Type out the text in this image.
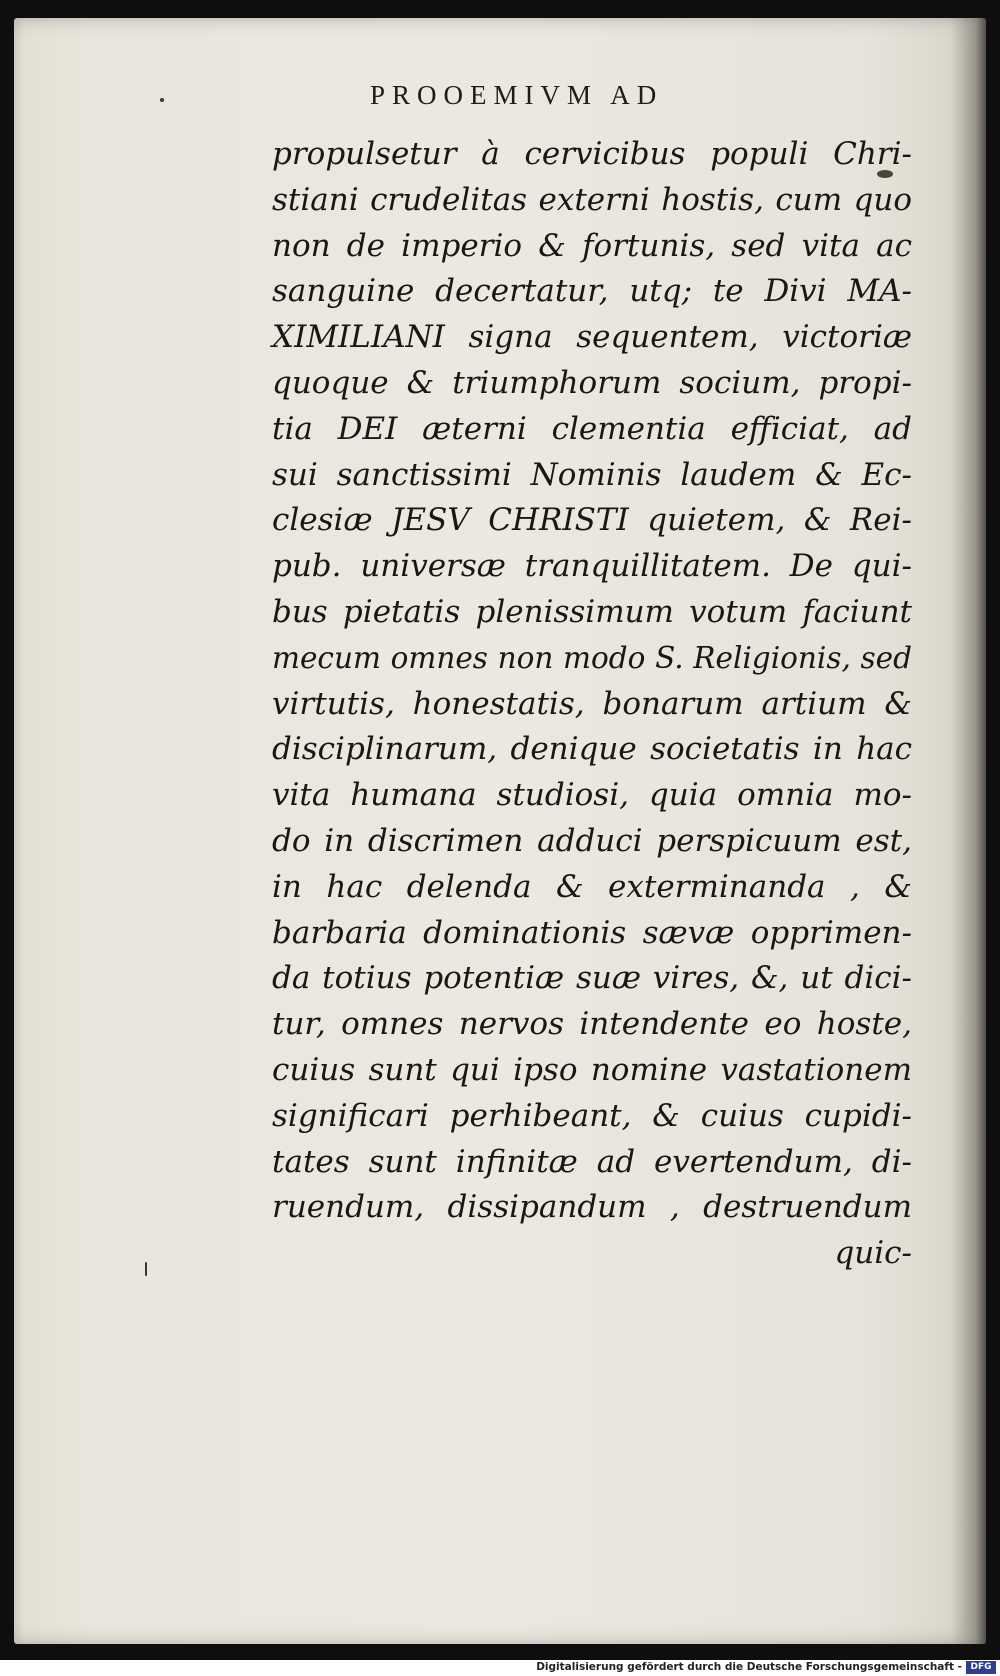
PROOEMIVM AD
propulsetur à cervicibus populi Chri-
stiani crudelitas externi hostis, cum quo
non de imperio & fortunis, sed vita ac
sanguine decertatur, utq; te Divi MA-
XIMILIANI signa sequentem, victoriæ
quoque & triumphorum socium, propi-
tia DEI æterni clementia efficiat, ad
sui sanctissimi Nominis laudem & Ec-
clesiæ JESV CHRISTI quietem, & Rei-
pub. universæ tranquillitatem. De qui-
bus pietatis plenissimum votum faciunt
mecum omnes non modo S. Religionis, sed
virtutis, honestatis, bonarum artium &
disciplinarum, denique societatis in hac
vita humana studiosi, quia omnia mo-
do in discrimen adduci perspicuum est,
in hac delenda & exterminanda , &
barbaria dominationis sævæ opprimen-
da totius potentiæ suæ vires, &, ut dici-
tur, omnes nervos intendente eo hoste,
cuius sunt qui ipso nomine vastationem
significari perhibeant, & cuius cupidi-
tates sunt infinitæ ad evertendum, di-
ruendum, dissipandum , destruendum
quic-
Digitalisierung gefördert durch die Deutsche Forschungsgemeinschaft - DFG
